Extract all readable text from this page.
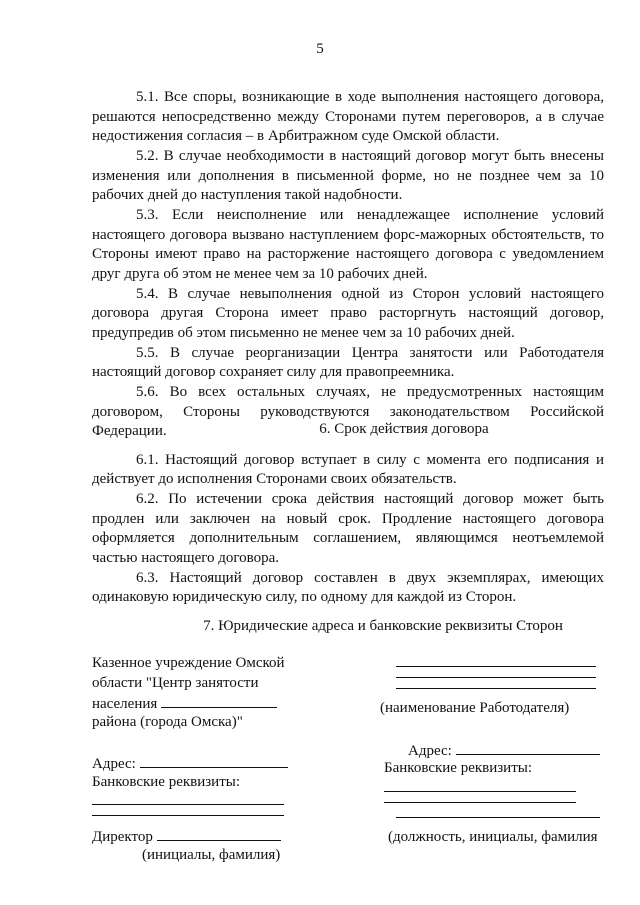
5

5.1. Все споры, возникающие в ходе выполнения настоящего договора, решаются непосредственно между Сторонами путем переговоров, а в случае недостижения согласия – в Арбитражном суде Омской области.

5.2. В случае необходимости в настоящий договор могут быть внесены изменения или дополнения в письменной форме, но не позднее чем за 10 рабочих дней до наступления такой надобности.

5.3. Если неисполнение или ненадлежащее исполнение условий настоящего договора вызвано наступлением форс-мажорных обстоятельств, то Стороны имеют право на расторжение настоящего договора с уведомлением друг друга об этом не менее чем за 10 рабочих дней.

5.4. В случае невыполнения одной из Сторон условий настоящего договора другая Сторона имеет право расторгнуть настоящий договор, предупредив об этом письменно не менее чем за 10 рабочих дней.

5.5. В случае реорганизации Центра занятости или Работодателя настоящий договор сохраняет силу для правопреемника.

5.6. Во всех остальных случаях, не предусмотренных настоящим договором, Стороны руководствуются законодательством Российской Федерации.	6. Срок действия договора

6.1. Настоящий договор вступает в силу с момента его подписания и действует до исполнения Сторонами своих обязательств.

6.2. По истечении срока действия настоящий договор может быть продлен или заключен на новый срок. Продление настоящего договора оформляется дополнительным соглашением, являющимся неотъемлемой частью настоящего договора.

6.3. Настоящий договор составлен в двух экземплярах, имеющих одинаковую юридическую силу, по одному для каждой из Сторон.

7. Юридические адреса и банковские реквизиты Сторон
Казенное учреждение Омской
области "Центр занятости
населения
района (города Омска)"
Адрес:
Банковские реквизиты:
Директор
(инициалы, фамилия)
(наименование Работодателя)
Адрес:
Банковские реквизиты:
(должность, инициалы, фамилия
